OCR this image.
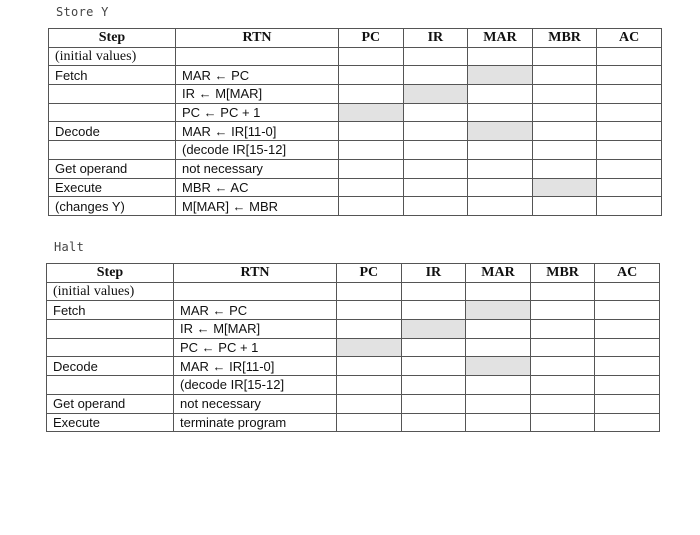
Store Y
Step	RTN	PC	IR	MAR	MBR	AC
(initial values)						
Fetch	MAR ← PC					
	IR ← M[MAR]					
	PC ← PC + 1					
Decode	MAR ← IR[11-0]					
	(decode IR[15-12]					
Get operand	not necessary					
Execute	MBR ← AC					
(changes Y)	M[MAR] ← MBR					
Halt
Step	RTN	PC	IR	MAR	MBR	AC
(initial values)						
Fetch	MAR ← PC					
	IR ← M[MAR]					
	PC ← PC + 1					
Decode	MAR ← IR[11-0]					
	(decode IR[15-12]					
Get operand	not necessary					
Execute	terminate program					
